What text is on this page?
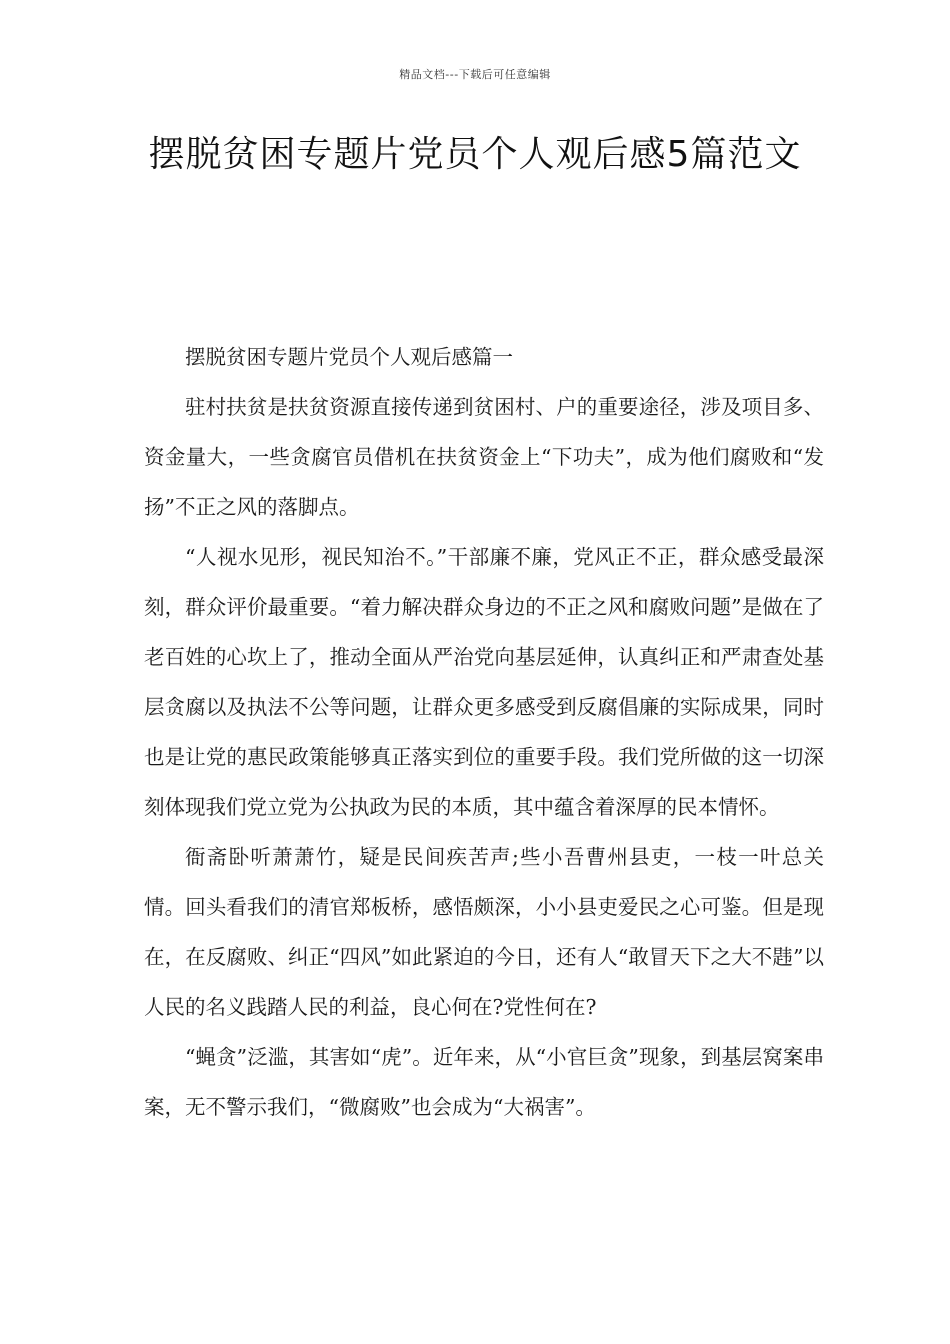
精品文档---下载后可任意编辑
摆脱贫困专题片党员个人观后感5篇范文

摆脱贫困专题片党员个人观后感篇一

驻村扶贫是扶贫资源直接传递到贫困村、户的重要途径，涉及项目多、资金量大，一些贪腐官员借机在扶贫资金上“下功夫”，成为他们腐败和“发扬”不正之风的落脚点。

“人视水见形，视民知治不。”干部廉不廉，党风正不正，群众感受最深刻，群众评价最重要。“着力解决群众身边的不正之风和腐败问题”是做在了老百姓的心坎上了，推动全面从严治党向基层延伸，认真纠正和严肃查处基层贪腐以及执法不公等问题，让群众更多感受到反腐倡廉的实际成果，同时也是让党的惠民政策能够真正落实到位的重要手段。我们党所做的这一切深刻体现我们党立党为公执政为民的本质，其中蕴含着深厚的民本情怀。

衙斋卧听萧萧竹，疑是民间疾苦声;些小吾曹州县吏，一枝一叶总关情。回头看我们的清官郑板桥，感悟颇深，小小县吏爱民之心可鉴。但是现在，在反腐败、纠正“四风”如此紧迫的今日，还有人“敢冒天下之大不韪”以人民的名义践踏人民的利益，良心何在?党性何在?

“蝇贪”泛滥，其害如“虎”。近年来，从“小官巨贪”现象，到基层窝案串案，无不警示我们，“微腐败”也会成为“大祸害”。
